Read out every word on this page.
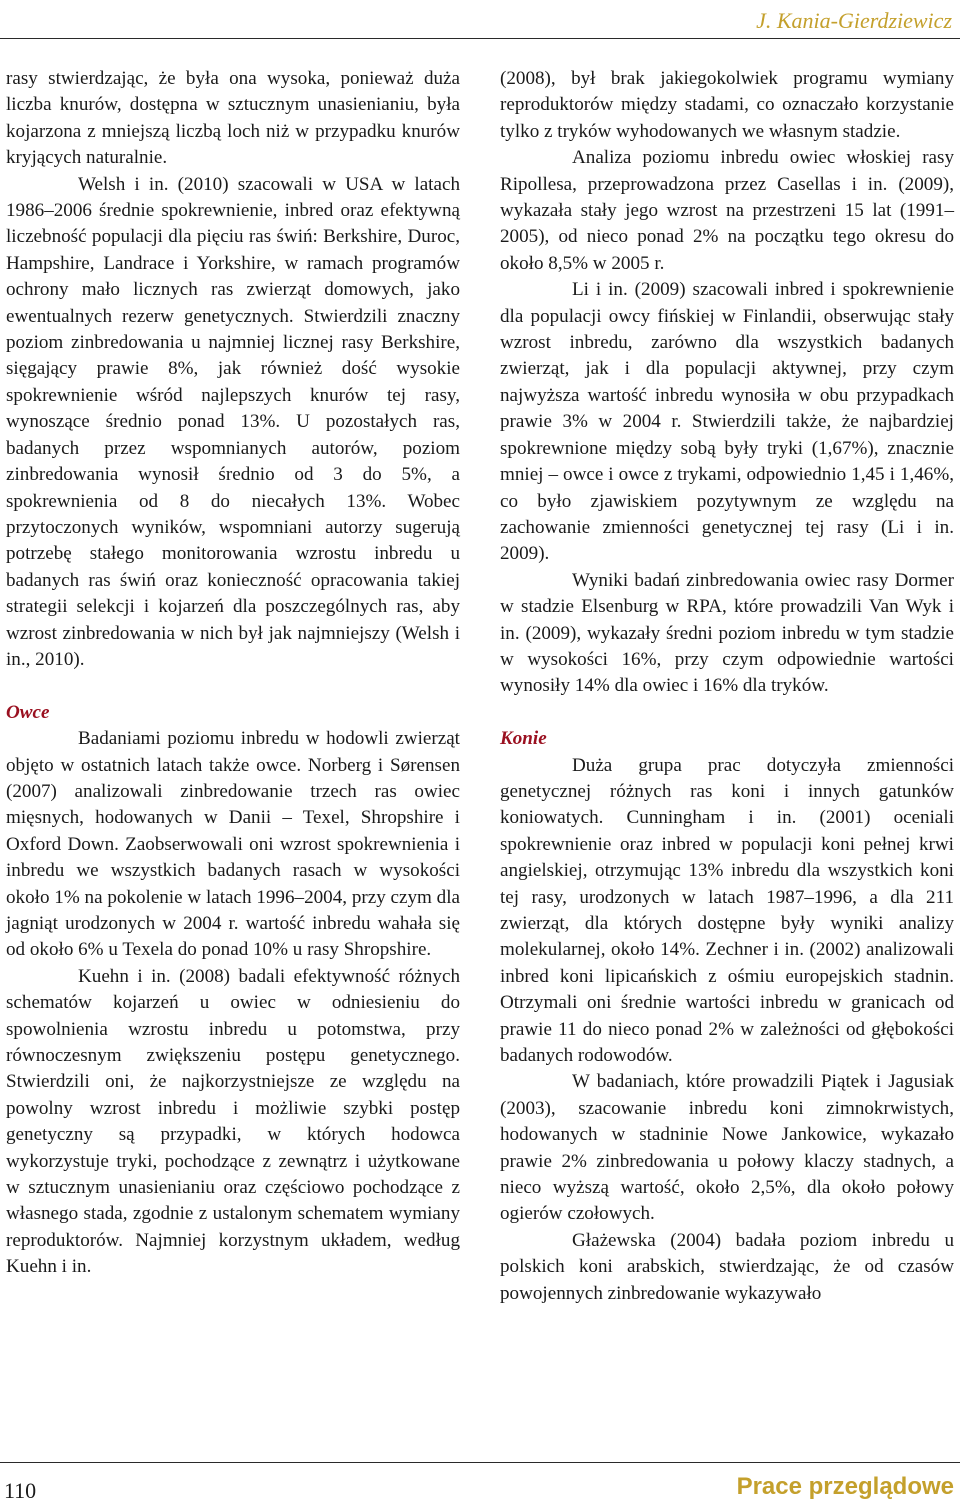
J. Kania-Gierdziewicz

rasy stwierdzając, że była ona wysoka, ponieważ duża liczba knurów, dostępna w sztucznym unasienianiu, była kojarzona z mniejszą liczbą loch niż w przypadku knurów kryjących naturalnie.

Welsh i in. (2010) szacowali w USA w latach 1986–2006 średnie spokrewnienie, inbred oraz efektywną liczebność populacji dla pięciu ras świń: Berkshire, Duroc, Hampshire, Landrace i Yorkshire, w ramach programów ochrony mało licznych ras zwierząt domowych, jako ewentualnych rezerw genetycznych. Stwierdzili znaczny poziom zinbredowania u najmniej licznej rasy Berkshire, sięgający prawie 8%, jak również dość wysokie spokrewnienie wśród najlepszych knurów tej rasy, wynoszące średnio ponad 13%. U pozostałych ras, badanych przez wspomnianych autorów, poziom zinbredowania wynosił średnio od 3 do 5%, a spokrewnienia od 8 do niecałych 13%. Wobec przytoczonych wyników, wspomniani autorzy sugerują potrzebę stałego monitorowania wzrostu inbredu u badanych ras świń oraz konieczność opracowania takiej strategii selekcji i kojarzeń dla poszczególnych ras, aby wzrost zinbredowania w nich był jak najmniejszy (Welsh i in., 2010).

Owce

Badaniami poziomu inbredu w hodowli zwierząt objęto w ostatnich latach także owce. Norberg i Sørensen (2007) analizowali zinbredowanie trzech ras owiec mięsnych, hodowanych w Danii – Texel, Shropshire i Oxford Down. Zaobserwowali oni wzrost spokrewnienia i inbredu we wszystkich badanych rasach w wysokości około 1% na pokolenie w latach 1996–2004, przy czym dla jagniąt urodzonych w 2004 r. wartość inbredu wahała się od około 6% u Texela do ponad 10% u rasy Shropshire.

Kuehn i in. (2008) badali efektywność różnych schematów kojarzeń u owiec w odniesieniu do spowolnienia wzrostu inbredu u potomstwa, przy równoczesnym zwiększeniu postępu genetycznego. Stwierdzili oni, że najkorzystniejsze ze względu na powolny wzrost inbredu i możliwie szybki postęp genetyczny są przypadki, w których hodowca wykorzystuje tryki, pochodzące z zewnątrz i użytkowane w sztucznym unasienianiu oraz częściowo pochodzące z własnego stada, zgodnie z ustalonym schematem wymiany reproduktorów. Najmniej korzystnym układem, według Kuehn i in.

(2008), był brak jakiegokolwiek programu wymiany reproduktorów między stadami, co oznaczało korzystanie tylko z tryków wyhodowanych we własnym stadzie.

Analiza poziomu inbredu owiec włoskiej rasy Ripollesa, przeprowadzona przez Casellas i in. (2009), wykazała stały jego wzrost na przestrzeni 15 lat (1991–2005), od nieco ponad 2% na początku tego okresu do około 8,5% w 2005 r.

Li i in. (2009) szacowali inbred i spokrewnienie dla populacji owcy fińskiej w Finlandii, obserwując stały wzrost inbredu, zarówno dla wszystkich badanych zwierząt, jak i dla populacji aktywnej, przy czym najwyższa wartość inbredu wynosiła w obu przypadkach prawie 3% w 2004 r. Stwierdzili także, że najbardziej spokrewnione między sobą były tryki (1,67%), znacznie mniej – owce i owce z trykami, odpowiednio 1,45 i 1,46%, co było zjawiskiem pozytywnym ze względu na zachowanie zmienności genetycznej tej rasy (Li i in. 2009).

Wyniki badań zinbredowania owiec rasy Dormer w stadzie Elsenburg w RPA, które prowadzili Van Wyk i in. (2009), wykazały średni poziom inbredu w tym stadzie w wysokości 16%, przy czym odpowiednie wartości wynosiły 14% dla owiec i 16% dla tryków.

Konie

Duża grupa prac dotyczyła zmienności genetycznej różnych ras koni i innych gatunków koniowatych. Cunningham i in. (2001) oceniali spokrewnienie oraz inbred w populacji koni pełnej krwi angielskiej, otrzymując 13% inbredu dla wszystkich koni tej rasy, urodzonych w latach 1987–1996, a dla 211 zwierząt, dla których dostępne były wyniki analizy molekularnej, około 14%. Zechner i in. (2002) analizowali inbred koni lipicańskich z ośmiu europejskich stadnin. Otrzymali oni średnie wartości inbredu w granicach od prawie 11 do nieco ponad 2% w zależności od głębokości badanych rodowodów.

W badaniach, które prowadzili Piątek i Jagusiak (2003), szacowanie inbredu koni zimnokrwistych, hodowanych w stadninie Nowe Jankowice, wykazało prawie 2% zinbredowania u połowy klaczy stadnych, a nieco wyższą wartość, około 2,5%, dla około połowy ogierów czołowych.

Głażewska (2004) badała poziom inbredu u polskich koni arabskich, stwierdzając, że od czasów powojennych zinbredowanie wykazywało

110	Prace przeglądowe
